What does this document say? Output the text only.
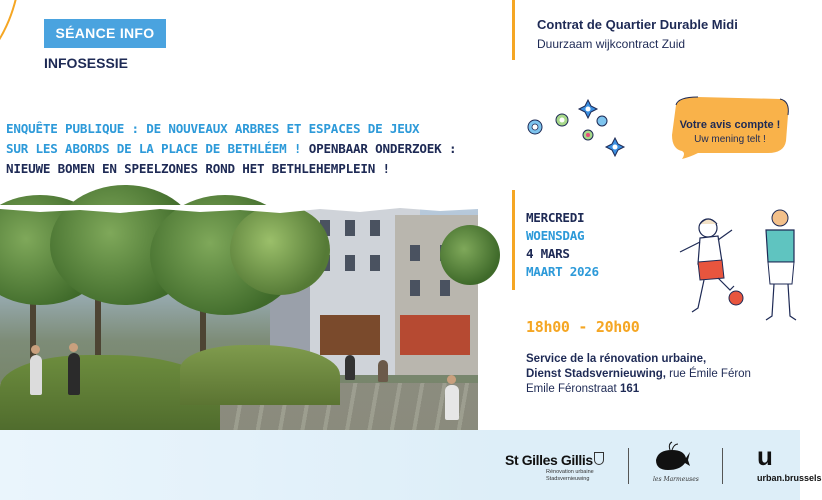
SÉANCE INFO
INFOSESSIE
Contrat de Quartier Durable Midi
Duurzaam wijkcontract Zuid
ENQUÊTE PUBLIQUE : DE NOUVEAUX ARBRES ET ESPACES DE JEUX
SUR LES ABORDS DE LA PLACE DE BETHLÉEM ! OPENBAAR ONDERZOEK :
NIEUWE BOMEN EN SPEELZONES ROND HET BETHLEHEMPLEIN !
Votre avis compte !
Uw mening telt !
MERCREDI
WOENSDAG
4 MARS
MAART 2026
18h00 - 20h00
Service de la rénovation urbaine,
Dienst Stadsvernieuwing, rue Émile Féron
Emile Féronstraat 161
St Gilles Gillis
Rénovation urbaine
Stadsvernieuwing	les Marmeuses
u
urban.brussels
